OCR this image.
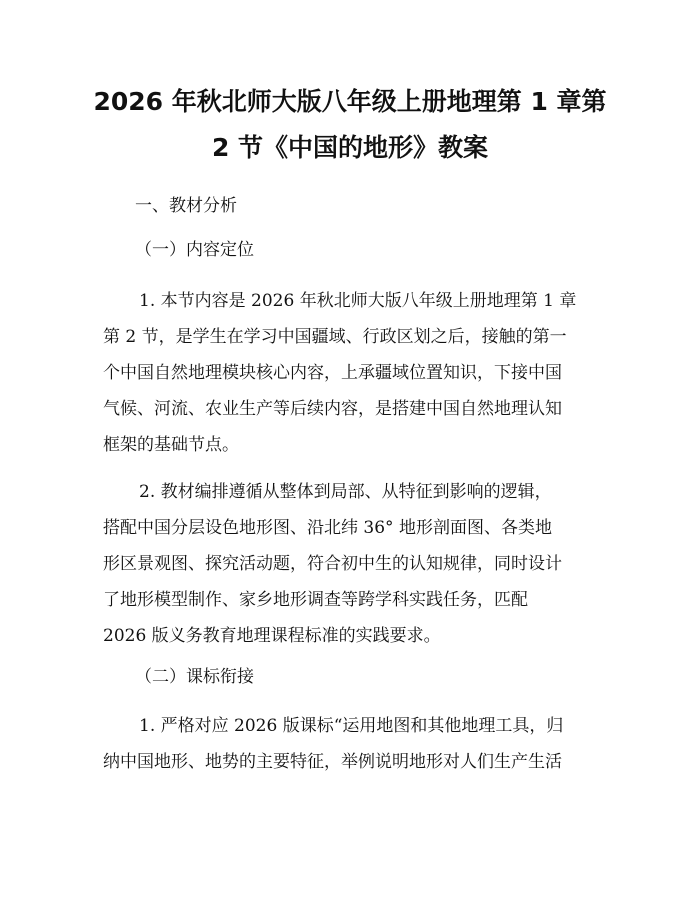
2026 年秋北师大版八年级上册地理第 1 章第
2 节《中国的地形》教案
一、教材分析
（一）内容定位
1. 本节内容是 2026 年秋北师大版八年级上册地理第 1 章
第 2 节，是学生在学习中国疆域、行政区划之后，接触的第一
个中国自然地理模块核心内容，上承疆域位置知识，下接中国
气候、河流、农业生产等后续内容，是搭建中国自然地理认知
框架的基础节点。
2. 教材编排遵循从整体到局部、从特征到影响的逻辑，
搭配中国分层设色地形图、沿北纬 36° 地形剖面图、各类地
形区景观图、探究活动题，符合初中生的认知规律，同时设计
了地形模型制作、家乡地形调查等跨学科实践任务，匹配
2026 版义务教育地理课程标准的实践要求。
（二）课标衔接
1. 严格对应 2026 版课标“运用地图和其他地理工具，归
纳中国地形、地势的主要特征，举例说明地形对人们生产生活
